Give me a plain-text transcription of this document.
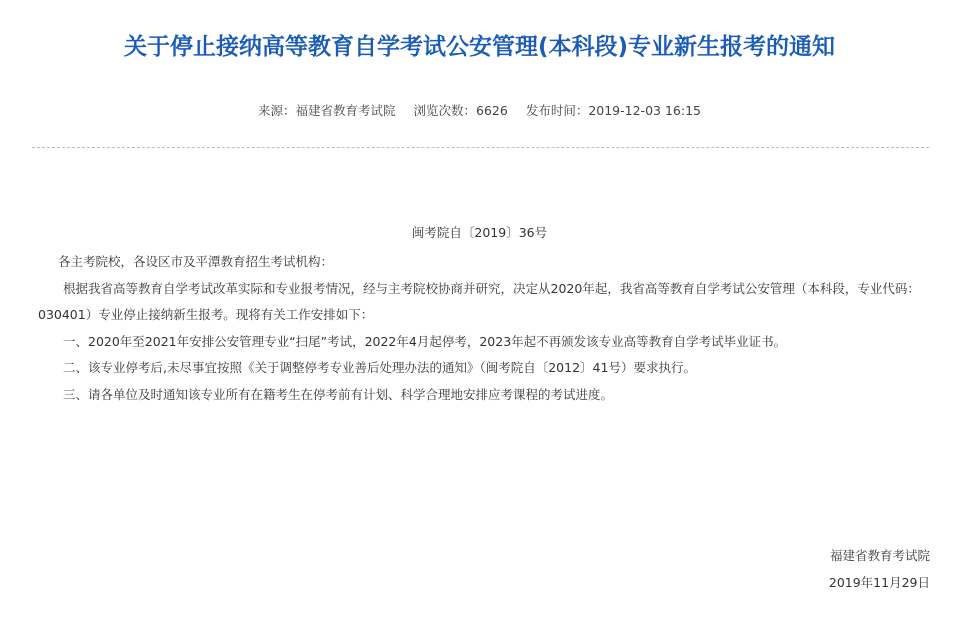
关于停止接纳高等教育自学考试公安管理(本科段)专业新生报考的通知
来源：福建省教育考试院 浏览次数：6626 发布时间：2019-12-03 16:15
闽考院自〔2019〕36号

各主考院校，各设区市及平潭教育招生考试机构：

根据我省高等教育自学考试改革实际和专业报考情况，经与主考院校协商并研究，决定从2020年起，我省高等教育自学考试公安管理（本科段，专业代码：030401）专业停止接纳新生报考。现将有关工作安排如下：

一、2020年至2021年安排公安管理专业“扫尾”考试，2022年4月起停考，2023年起不再颁发该专业高等教育自学考试毕业证书。

二、该专业停考后,未尽事宜按照《关于调整停考专业善后处理办法的通知》（闽考院自〔2012〕41号）要求执行。

三、请各单位及时通知该专业所有在籍考生在停考前有计划、科学合理地安排应考课程的考试进度。

福建省教育考试院
2019年11月29日
